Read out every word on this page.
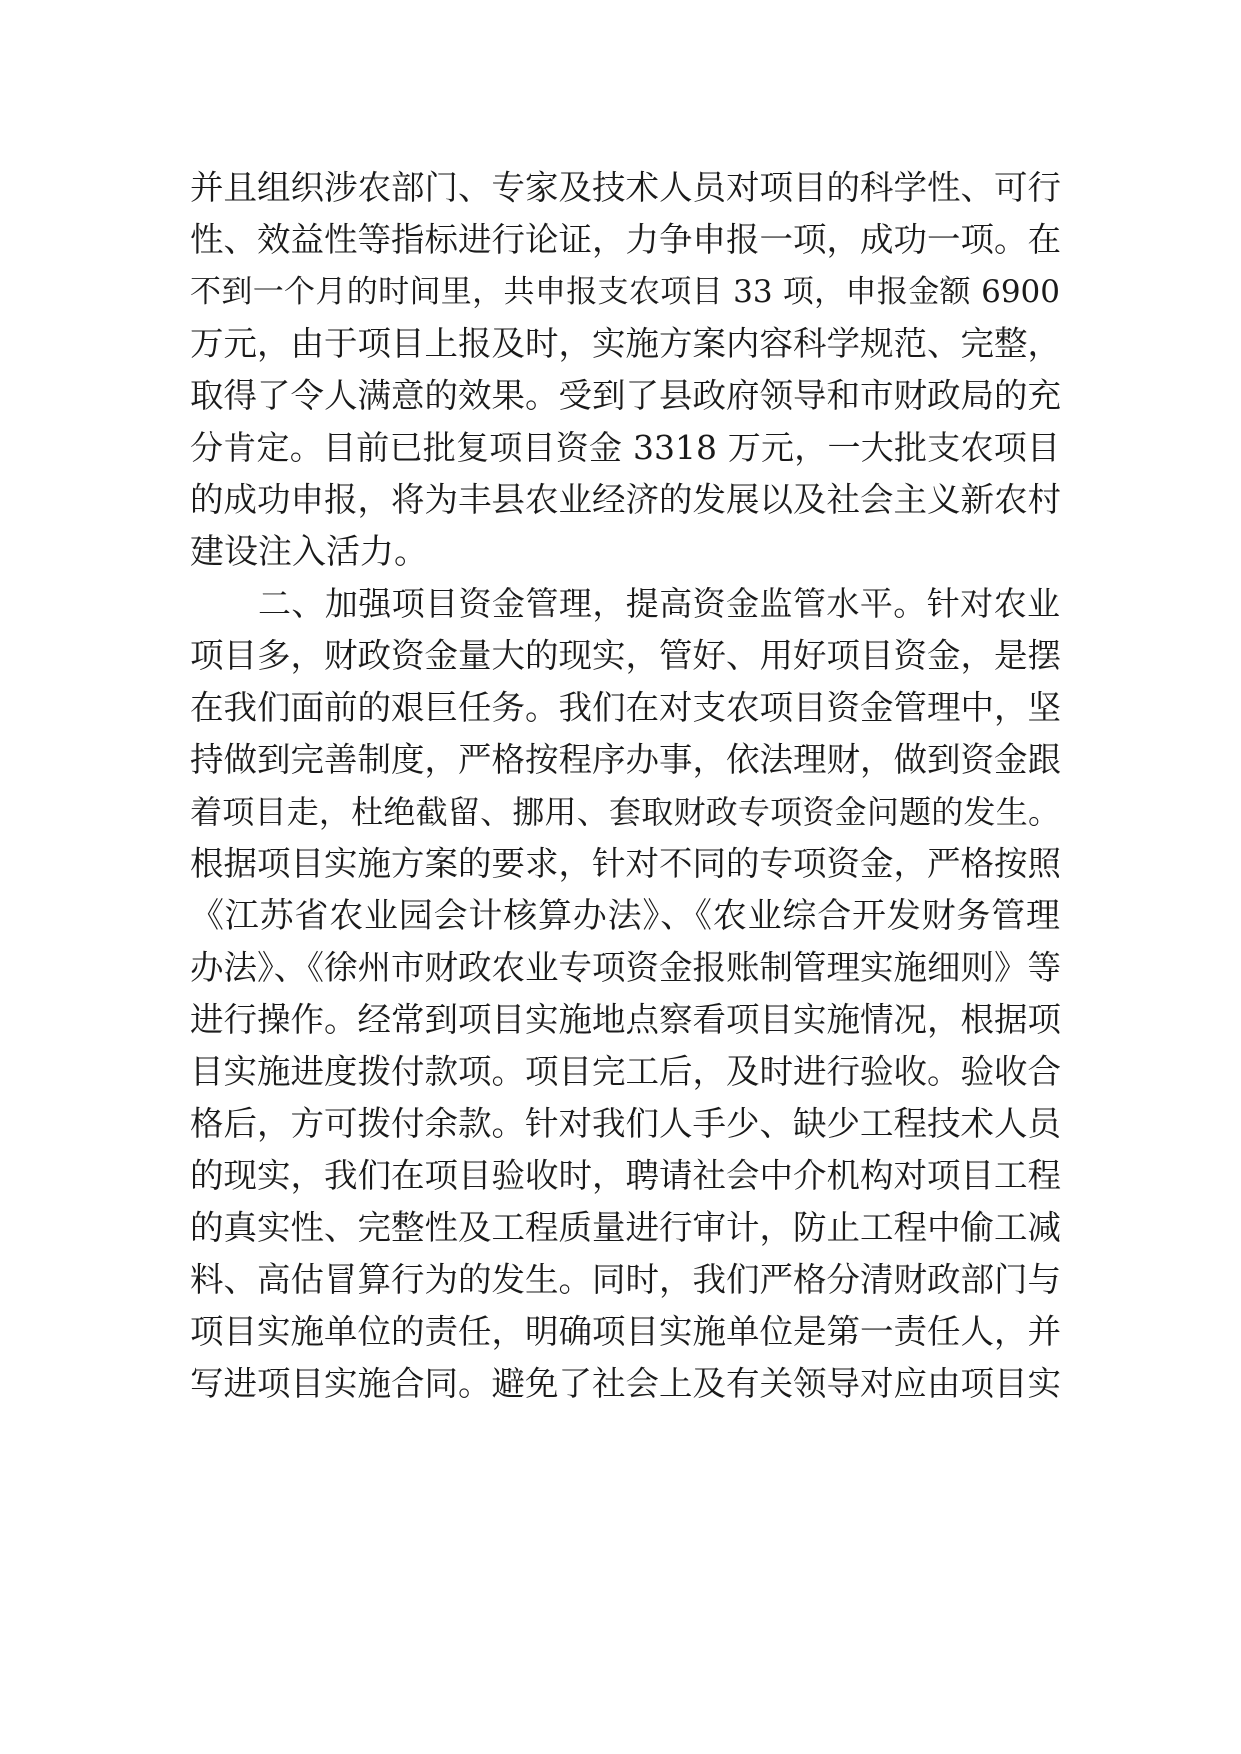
并且组织涉农部门、专家及技术人员对项目的科学性、可行
性、效益性等指标进行论证，力争申报一项，成功一项。在
不到一个月的时间里，共申报支农项目 33 项，申报金额 6900
万元，由于项目上报及时，实施方案内容科学规范、完整，
取得了令人满意的效果。受到了县政府领导和市财政局的充
分肯定。目前已批复项目资金 3318 万元，一大批支农项目
的成功申报，将为丰县农业经济的发展以及社会主义新农村
建设注入活力。
二、加强项目资金管理，提高资金监管水平。针对农业
项目多，财政资金量大的现实，管好、用好项目资金，是摆
在我们面前的艰巨任务。我们在对支农项目资金管理中，坚
持做到完善制度，严格按程序办事，依法理财，做到资金跟
着项目走，杜绝截留、挪用、套取财政专项资金问题的发生。
根据项目实施方案的要求，针对不同的专项资金，严格按照
《江苏省农业园会计核算办法》、《农业综合开发财务管理
办法》、《徐州市财政农业专项资金报账制管理实施细则》等
进行操作。经常到项目实施地点察看项目实施情况，根据项
目实施进度拨付款项。项目完工后，及时进行验收。验收合
格后，方可拨付余款。针对我们人手少、缺少工程技术人员
的现实，我们在项目验收时，聘请社会中介机构对项目工程
的真实性、完整性及工程质量进行审计，防止工程中偷工减
料、高估冒算行为的发生。同时，我们严格分清财政部门与
项目实施单位的责任，明确项目实施单位是第一责任人，并
写进项目实施合同。避免了社会上及有关领导对应由项目实
